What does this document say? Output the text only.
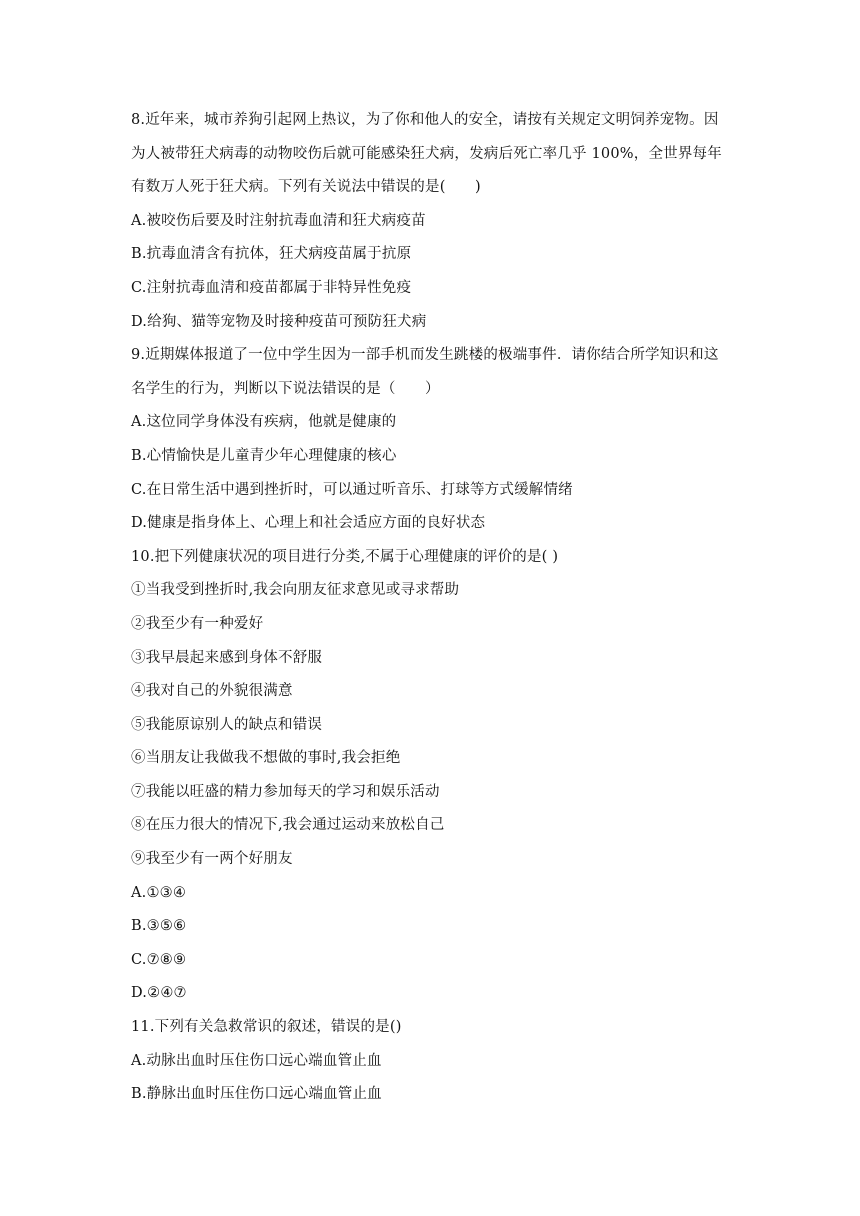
8.近年来，城市养狗引起网上热议，为了你和他人的安全，请按有关规定文明饲养宠物。因
为人被带狂犬病毒的动物咬伤后就可能感染狂犬病，发病后死亡率几乎 100%，全世界每年
有数万人死于狂犬病。下列有关说法中错误的是(　　)
A.被咬伤后要及时注射抗毒血清和狂犬病疫苗
B.抗毒血清含有抗体，狂犬病疫苗属于抗原
C.注射抗毒血清和疫苗都属于非特异性免疫
D.给狗、猫等宠物及时接种疫苗可预防狂犬病
9.近期媒体报道了一位中学生因为一部手机而发生跳楼的极端事件．请你结合所学知识和这
名学生的行为，判断以下说法错误的是（　　）
A.这位同学身体没有疾病，他就是健康的
B.心情愉快是儿童青少年心理健康的核心
C.在日常生活中遇到挫折时，可以通过听音乐、打球等方式缓解情绪
D.健康是指身体上、心理上和社会适应方面的良好状态
10.把下列健康状况的项目进行分类,不属于心理健康的评价的是( )
①当我受到挫折时,我会向朋友征求意见或寻求帮助
②我至少有一种爱好
③我早晨起来感到身体不舒服
④我对自己的外貌很满意
⑤我能原谅别人的缺点和错误
⑥当朋友让我做我不想做的事时,我会拒绝
⑦我能以旺盛的精力参加每天的学习和娱乐活动
⑧在压力很大的情况下,我会通过运动来放松自己
⑨我至少有一两个好朋友
A.①③④
B.③⑤⑥
C.⑦⑧⑨
D.②④⑦
11.下列有关急救常识的叙述，错误的是()
A.动脉出血时压住伤口远心端血管止血
B.静脉出血时压住伤口远心端血管止血
